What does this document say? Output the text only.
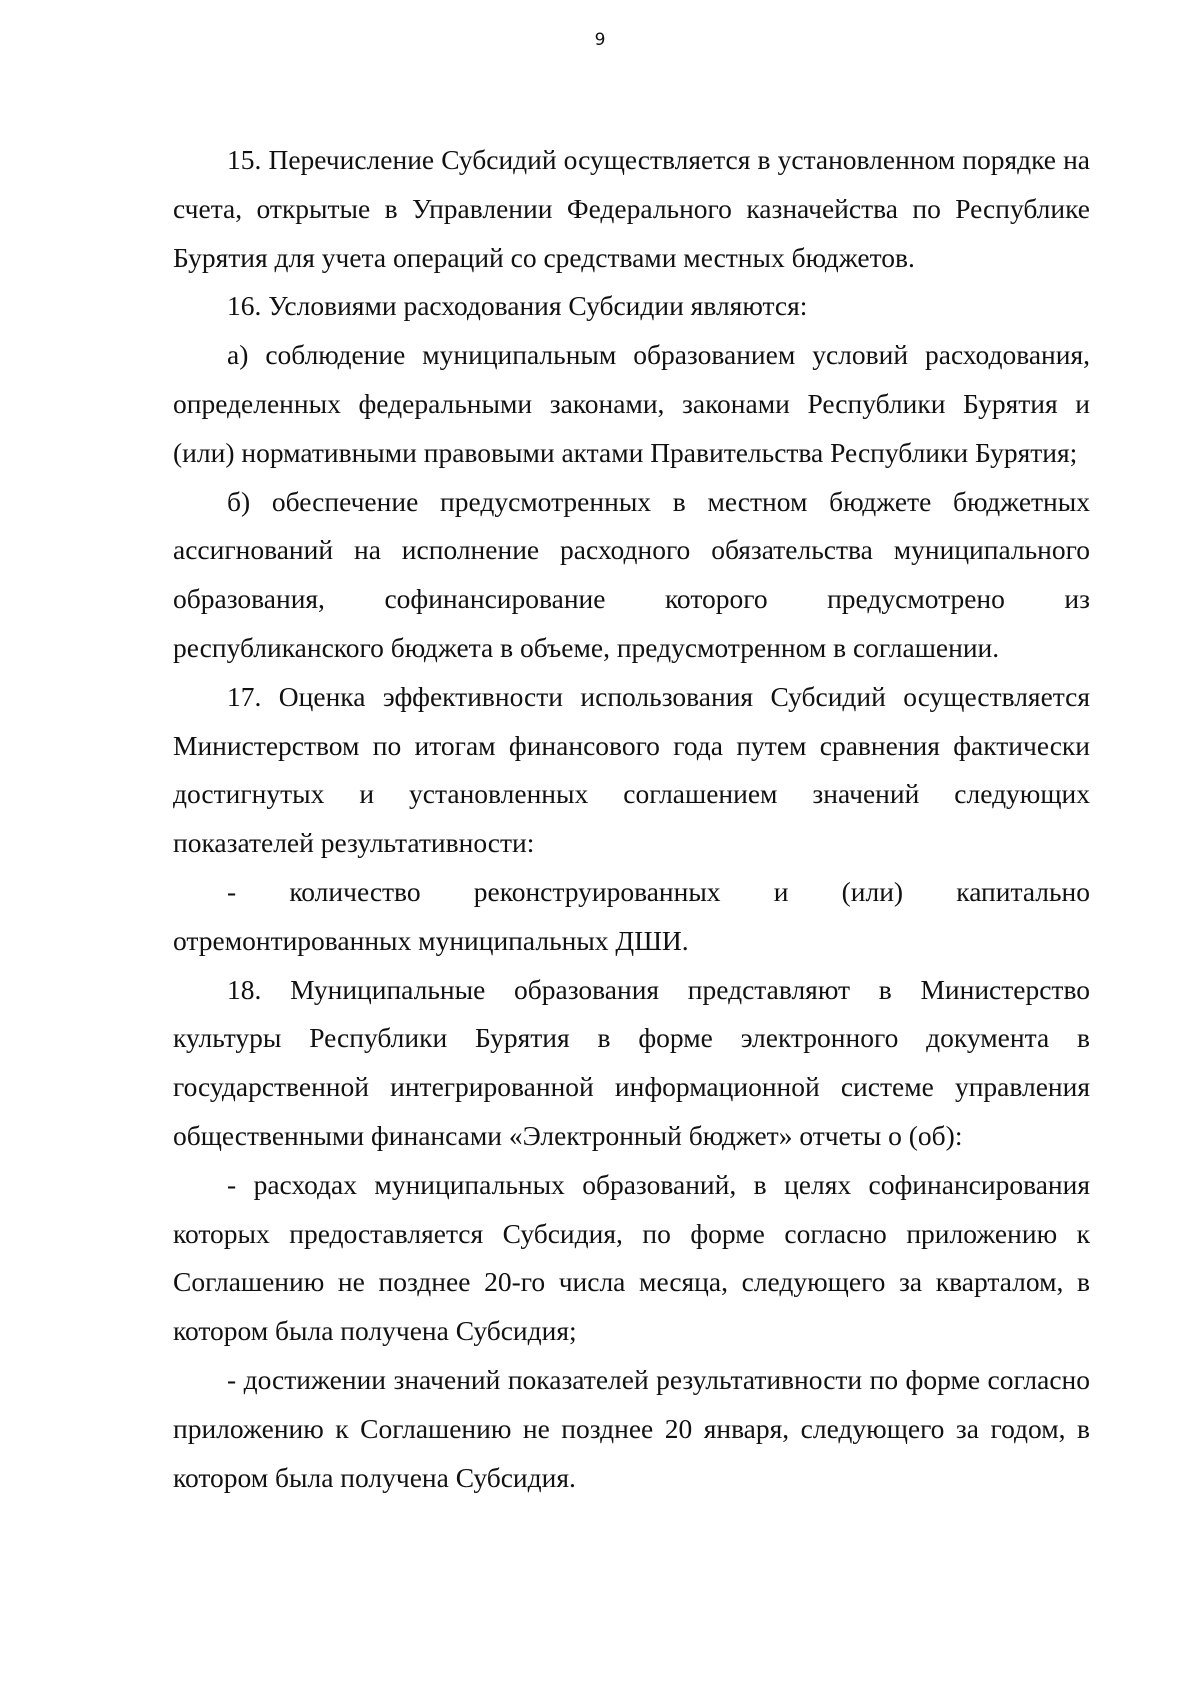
9

15. Перечисление Субсидий осуществляется в установленном порядке на счета, открытые в Управлении Федерального казначейства по Республике Бурятия для учета операций со средствами местных бюджетов.

16. Условиями расходования Субсидии являются:

а) соблюдение муниципальным образованием условий расходования, определенных федеральными законами, законами Республики Бурятия и (или) нормативными правовыми актами Правительства Республики Бурятия;

б) обеспечение предусмотренных в местном бюджете бюджетных ассигнований на исполнение расходного обязательства муниципального образования, софинансирование которого предусмотрено из республиканского бюджета в объеме, предусмотренном в соглашении.

17. Оценка эффективности использования Субсидий осуществляется Министерством по итогам финансового года путем сравнения фактически достигнутых и установленных соглашением значений следующих показателей результативности:

- количество реконструированных и (или) капитально отремонтированных муниципальных ДШИ.

18. Муниципальные образования представляют в Министерство культуры Республики Бурятия в форме электронного документа в государственной интегрированной информационной системе управления общественными финансами «Электронный бюджет» отчеты о (об):

- расходах муниципальных образований, в целях софинансирования которых предоставляется Субсидия, по форме согласно приложению к Соглашению не позднее 20-го числа месяца, следующего за кварталом, в котором была получена Субсидия;

- достижении значений показателей результативности по форме согласно приложению к Соглашению не позднее 20 января, следующего за годом, в котором была получена Субсидия.
